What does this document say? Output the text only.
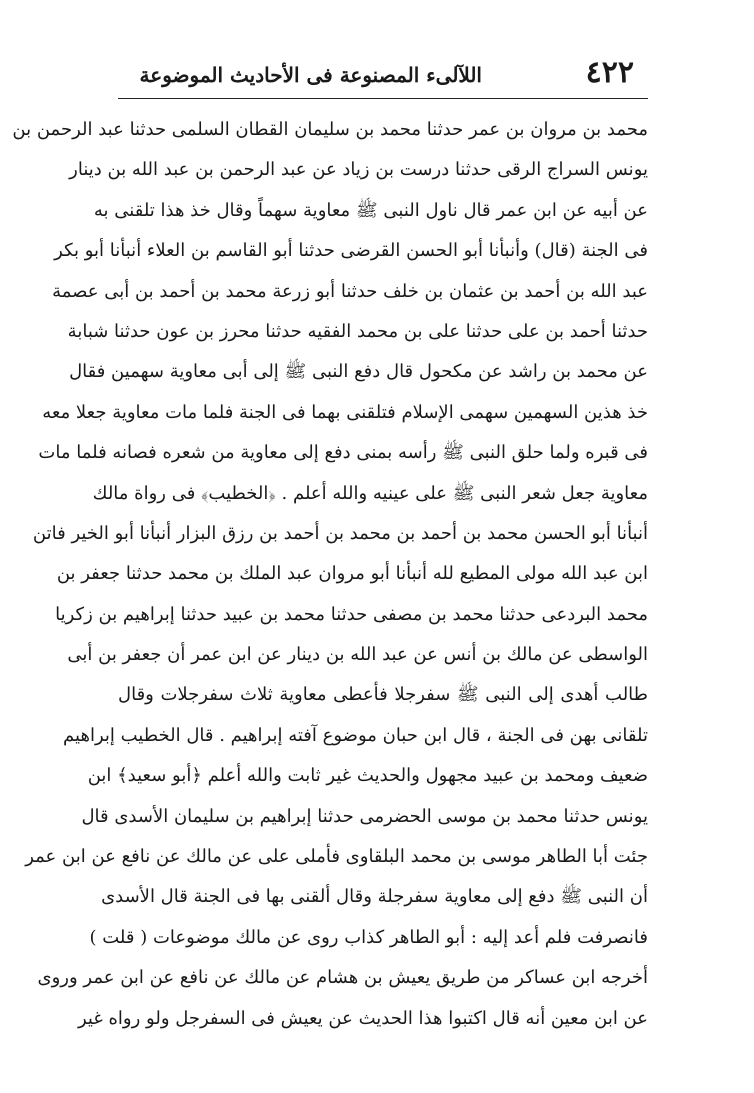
٤٢٢
اللآلىء المصنوعة فى الأحاديث الموضوعة
محمد بن مروان بن عمر حدثنا محمد بن سليمان القطان السلمى حدثنا عبد الرحمن بن
يونس السراج الرقى حدثنا درست بن زياد عن عبد الرحمن بن عبد الله بن دينار
عن أبيه عن ابن عمر قال ناول النبى ﷺ معاوية سهماً وقال خذ هذا تلقنى به
فى الجنة (قال) وأنبأنا أبو الحسن القرضى حدثنا أبو القاسم بن العلاء أنبأنا أبو بكر
عبد الله بن أحمد بن عثمان بن خلف حدثنا أبو زرعة محمد بن أحمد بن أبى عصمة
حدثنا أحمد بن على حدثنا على بن محمد الفقيه حدثنا محرز بن عون حدثنا شبابة
عن محمد بن راشد عن مكحول قال دفع النبى ﷺ إلى أبى معاوية سهمين فقال
خذ هذين السهمين سهمى الإسلام فتلقنى بهما فى الجنة فلما مات معاوية جعلا معه
فى قبره ولما حلق النبى ﷺ رأسه بمنى دفع إلى معاوية من شعره فصانه فلما مات
معاوية جعل شعر النبى ﷺ على عينيه والله أعلم . ﴿الخطيب﴾ فى رواة مالك
أنبأنا أبو الحسن محمد بن أحمد بن محمد بن أحمد بن رزق البزار أنبأنا أبو الخير فاتن
ابن عبد الله مولى المطيع لله أنبأنا أبو مروان عبد الملك بن محمد حدثنا جعفر بن
محمد البردعى حدثنا محمد بن مصفى حدثنا محمد بن عبيد حدثنا إبراهيم بن زكريا
الواسطى عن مالك بن أنس عن عبد الله بن دينار عن ابن عمر أن جعفر بن أبى
طالب أهدى إلى النبى ﷺ سفرجلا فأعطى معاوية ثلاث سفرجلات وقال
تلقانى بهن فى الجنة ، قال ابن حبان موضوع آفته إبراهيم . قال الخطيب إبراهيم
ضعيف ومحمد بن عبيد مجهول والحديث غير ثابت والله أعلم ﴿أبو سعيد﴾ ابن
يونس حدثنا محمد بن موسى الحضرمى حدثنا إبراهيم بن سليمان الأسدى قال
جئت أبا الطاهر موسى بن محمد البلقاوى فأملى على عن مالك عن نافع عن ابن عمر
أن النبى ﷺ دفع إلى معاوية سفرجلة وقال ألقنى بها فى الجنة قال الأسدى
فانصرفت فلم أعد إليه : أبو الطاهر كذاب روى عن مالك موضوعات ( قلت )
أخرجه ابن عساكر من طريق يعيش بن هشام عن مالك عن نافع عن ابن عمر وروى
عن ابن معين أنه قال اكتبوا هذا الحديث عن يعيش فى السفرجل ولو رواه غير
